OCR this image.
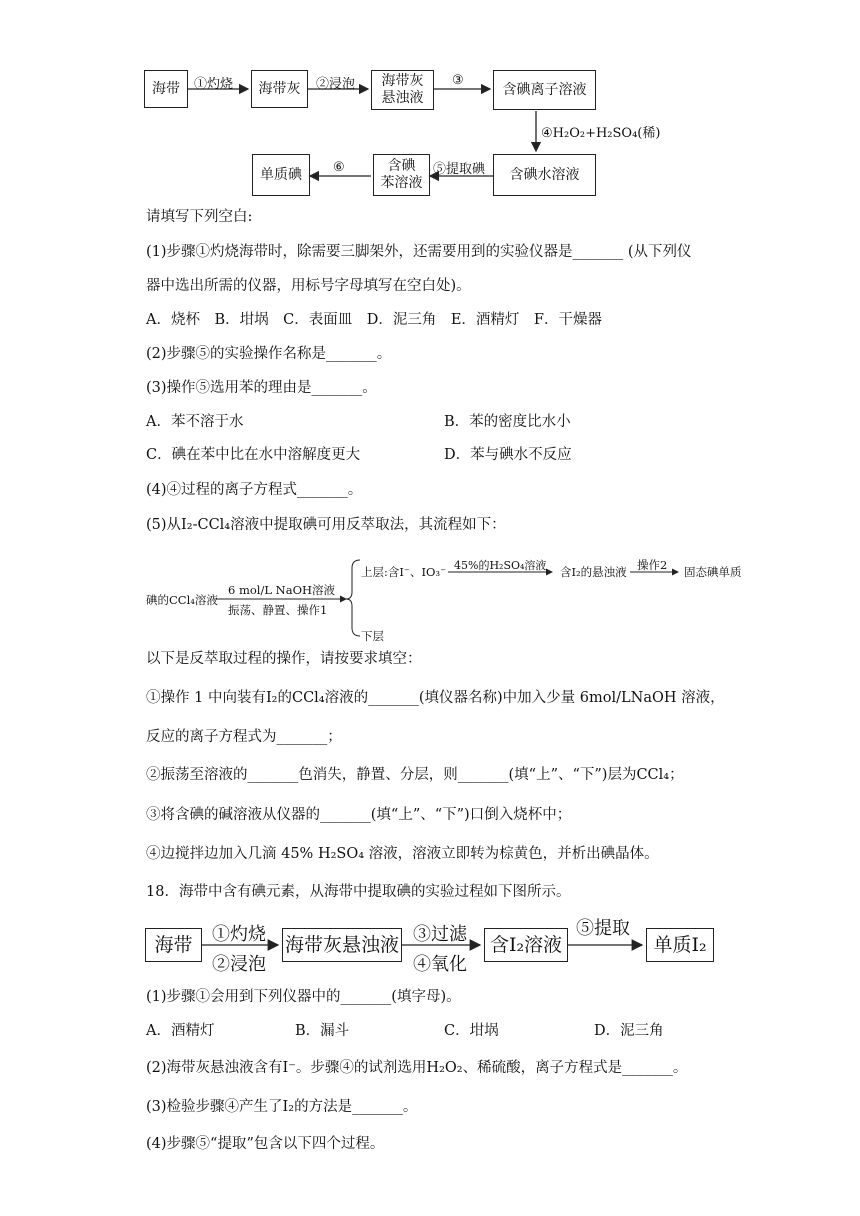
海带	海带灰	海带灰
悬浊液
含碘离子溶液
含碘水溶液
含碘
苯溶液
单质碘
①灼烧	②浸泡	③
④H₂O₂+H₂SO₄(稀)
⑤提取碘
⑥
请填写下列空白:
(1)步骤①灼烧海带时，除需要三脚架外，还需要用到的实验仪器是_______ (从下列仪
器中选出所需的仪器，用标号字母填写在空白处)。
A．烧杯　B．坩埚　C．表面皿　D．泥三角　E．酒精灯　F．干燥器
(2)步骤⑤的实验操作名称是_______。
(3)操作⑤选用苯的理由是_______。
A．苯不溶于水	B．苯的密度比水小
C．碘在苯中比在水中溶解度更大	D．苯与碘水不反应
(4)④过程的离子方程式_______。
(5)从I₂-CCl₄溶液中提取碘可用反萃取法，其流程如下：
碘的CCl₄溶液
6 mol/L NaOH溶液
振荡、静置、操作1
上层:含I⁻、IO₃⁻ 45%的H₂SO₄溶液 含I₂的悬浊液 操作2 固态碘单质
下层
以下是反萃取过程的操作，请按要求填空：
①操作 1 中向装有I₂的CCl₄溶液的_______(填仪器名称)中加入少量 6mol/LNaOH 溶液，
反应的离子方程式为_______；
②振荡至溶液的_______色消失，静置、分层，则_______(填“上”、“下”)层为CCl₄；
③将含碘的碱溶液从仪器的_______(填“上”、“下”)口倒入烧杯中；
④边搅拌边加入几滴 45% H₂SO₄ 溶液，溶液立即转为棕黄色，并析出碘晶体。
18．海带中含有碘元素，从海带中提取碘的实验过程如下图所示。
海带	海带灰悬浊液	含I₂溶液	单质I₂
①灼烧
②浸泡
③过滤
④氧化
⑤提取
(1)步骤①会用到下列仪器中的_______(填字母)。
A．酒精灯	B．漏斗	C．坩埚	D．泥三角
(2)海带灰悬浊液含有I⁻。步骤④的试剂选用H₂O₂、稀硫酸，离子方程式是_______。
(3)检验步骤④产生了I₂的方法是_______。
(4)步骤⑤“提取”包含以下四个过程。
